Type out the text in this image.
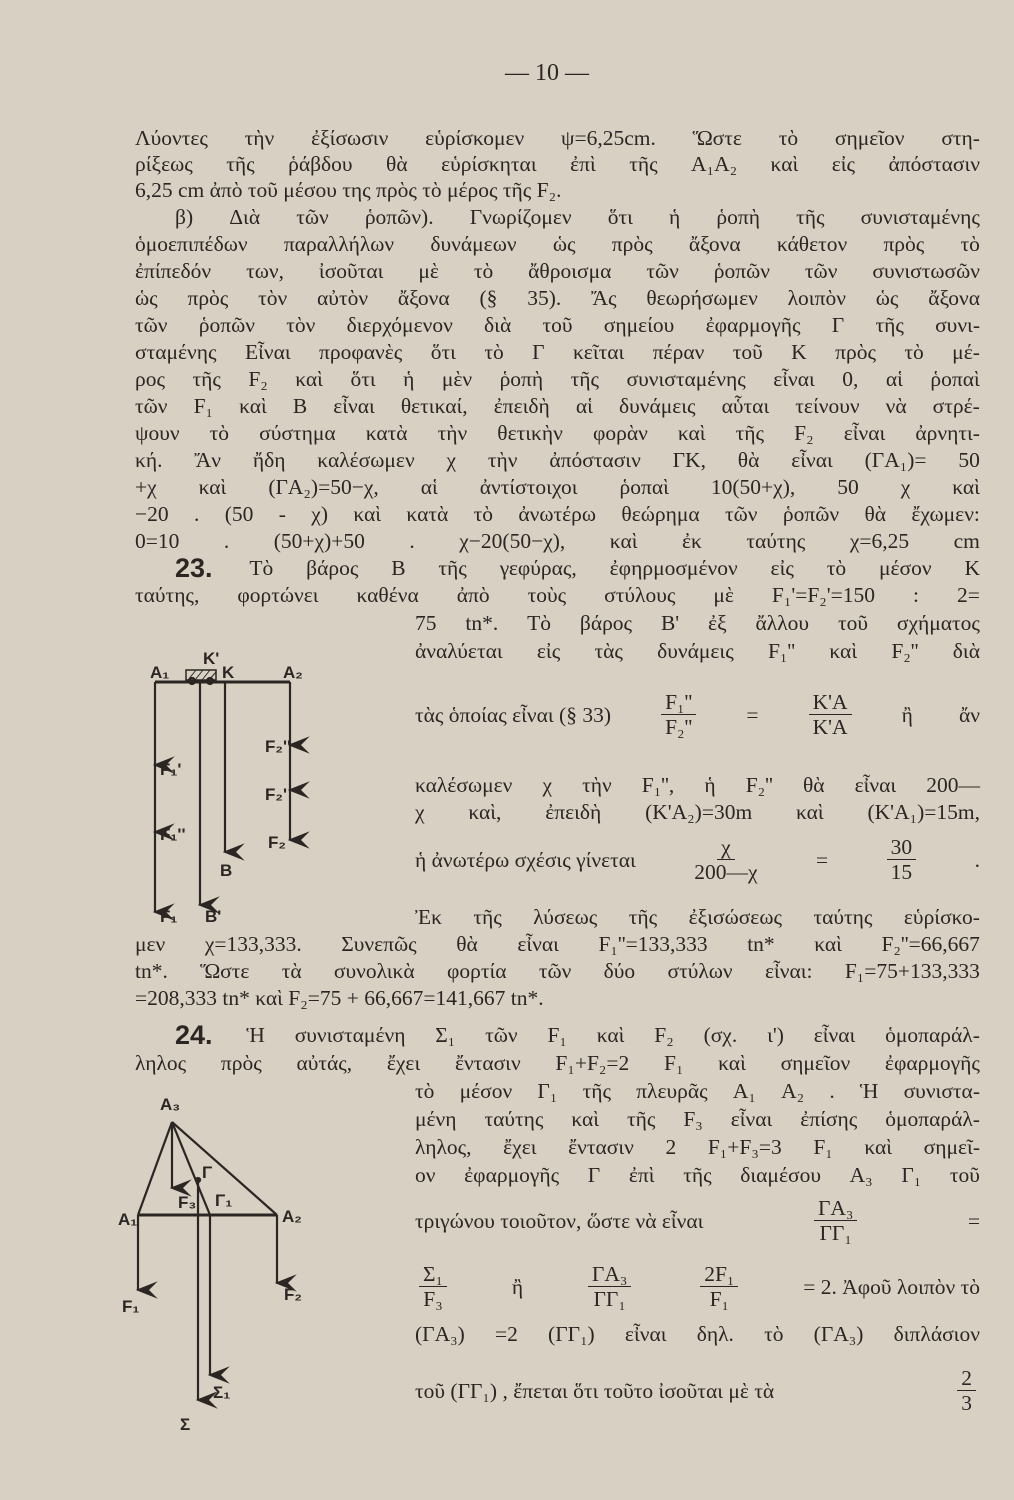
— 10 —
A₁
K'
K	A₂
F₁'
F₁''
F₁
B
B'
F₂''
F₂'
F₂
A₃
A₁	A₂
F₃
Γ
Γ₁
F₁
F₂
Σ
Σ₁
Λύοντες τὴν ἐξίσωσιν εὑρίσκομεν ψ=6,25cm. Ὥστε τὸ σημεῖον στη-
ρίξεως τῆς ῥάβδου θὰ εὑρίσκηται ἐπὶ τῆς A₁A₂ καὶ εἰς ἀπόστασιν
6,25 cm ἀπὸ τοῦ μέσου της πρὸς τὸ μέρος τῆς F₂.
β) Διὰ τῶν ῥοπῶν). Γνωρίζομεν ὅτι ἡ ῥοπὴ τῆς συνισταμένης
ὁμοεπιπέδων παραλλήλων δυνάμεων ὡς πρὸς ἄξονα κάθετον πρὸς τὸ
ἐπίπεδόν των, ἰσοῦται μὲ τὸ ἄθροισμα τῶν ῥοπῶν τῶν συνιστωσῶν
ὡς πρὸς τὸν αὐτὸν ἄξονα (§ 35). Ἄς θεωρήσωμεν λοιπὸν ὡς ἄξονα
τῶν ῥοπῶν τὸν διερχόμενον διὰ τοῦ σημείου ἐφαρμογῆς Γ τῆς συνι-
σταμένης Εἶναι προφανὲς ὅτι τὸ Γ κεῖται πέραν τοῦ Κ πρὸς τὸ μέ-
ρος τῆς F₂ καὶ ὅτι ἡ μὲν ῥοπὴ τῆς συνισταμένης εἶναι 0, αἱ ῥοπαὶ
τῶν F₁ καὶ B εἶναι θετικαί, ἐπειδὴ αἱ δυνάμεις αὗται τείνουν νὰ στρέ-
ψουν τὸ σύστημα κατὰ τὴν θετικὴν φορὰν καὶ τῆς F₂ εἶναι ἀρνητι-
κή. Ἄν ἤδη καλέσωμεν χ τὴν ἀπόστασιν ΓΚ, θὰ εἶναι (ΓA₁)= 50
+χ καὶ (ΓA₂)=50−χ, αἱ ἀντίστοιχοι ῥοπαὶ 10(50+χ), 50 χ καὶ
−20 . (50 - χ) καὶ κατὰ τὸ ἀνωτέρω θεώρημα τῶν ῥοπῶν θὰ ἔχωμεν:
0=10 . (50+χ)+50 . χ−20(50−χ), καὶ ἐκ ταύτης χ=6,25 cm
23. Τὸ βάρος Β τῆς γεφύρας, ἐφηρμοσμένον εἰς τὸ μέσον Κ
ταύτης, φορτώνει καθένα ἀπὸ τοὺς στύλους μὲ F₁'=F₂'=150 : 2=
75 tn*. Τὸ βάρος Β' ἐξ ἄλλου τοῦ σχήματος
ἀναλύεται εἰς τὰς δυνάμεις F₁'' καὶ F₂'' διὰ
τὰς ὁποίας εἶναι (§ $33) \frac{\text{F₁''}}{\text{F₂''}} = \frac{K'A}{K'A}$ ἢ ἄν
καλέσωμεν χ τὴν F₁'', ἡ F₂'' θὰ εἶναι 200—
χ καὶ, ἐπειδὴ (K'A₂)=30m καὶ (K'A₁)=15m,
ἡ ἀνωτέρω σχέσις γίνεται	$\frac{\chi}{200—\chi}$	=	$\frac{30}{15}$	.
Ἐκ τῆς λύσεως τῆς ἐξισώσεως ταύτης εὑρίσκο-
μεν χ=133,333. Συνεπῶς θὰ εἶναι F₁''=133,333 tn* καὶ F₂''=66,667
tn*. Ὥστε τὰ συνολικὰ φορτία τῶν δύο στύλων εἶναι: F₁=75+133,333
=208,333 tn* καὶ F₂=75 + 66,667=141,667 tn*.
24. Ἡ συνισταμένη Σ₁ τῶν F₁ καὶ F₂ (σχ. ι') εἶναι ὁμοπαράλ-
ληλος πρὸς αὐτάς, ἔχει ἔντασιν F₁+F₂=2 F₁ καὶ σημεῖον ἐφαρμογῆς
τὸ μέσον Γ₁ τῆς πλευρᾶς A₁ A₂ . Ἡ συνιστα-
μένη ταύτης καὶ τῆς F₃ εἶναι ἐπίσης ὁμοπαράλ-
ληλος, ἔχει ἔντασιν 2 F₁+F₃=3 F₁ καὶ σημεῖ-
ον ἐφαρμογῆς Γ ἐπὶ τῆς διαμέσου A₃ Γ₁ τοῦ
τριγώνου τοιοῦτον, ὥστε νὰ εἶναι	$\frac{\text{ΓA₃}}{\text{ΓΓ₁}}$	=
$\frac{\text{Σ₁}}{\text{F₃}}$	ἢ	$\frac{\text{ΓA₃}}{\text{ΓΓ₁}}$	$\frac{\text{2F₁}}{\text{F₁}}$	= 2. Ἀφοῦ λοιπὸν τὸ
(ΓA₃) =2 (ΓΓ₁) εἶναι δηλ. τὸ (ΓA₃) διπλάσιον
τοῦ (ΓΓ₁) , ἔπεται ὅτι τοῦτο ἰσοῦται μὲ τὰ	$\frac{2}{3}$
